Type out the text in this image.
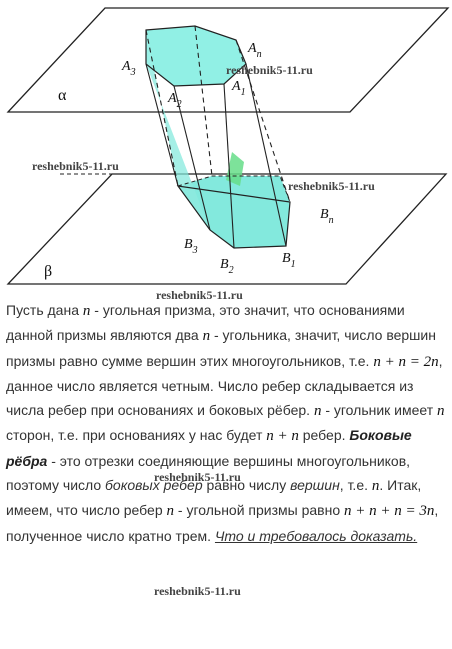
α
β
$A_3$
$A_2$
$A_1$
$A_n$
$B_3$
$B_2$
$B_1$
$B_n$
reshebnik5-11.ru
reshebnik5-11.ru
reshebnik5-11.ru
reshebnik5-11.ru
reshebnik5-11.ru
reshebnik5-11.ru
Пусть дана n - угольная призма, это значит, что основаниями данной призмы являются два n - угольника, значит, число вершин призмы равно сумме вершин этих многоугольников, т.е. n + n = 2n, данное число является четным. Число ребер складывается из числа ребер при основаниях и боковых рёбер. n - угольник имеет n сторон, т.е. при основаниях у нас будет n + n ребер. Боковые рёбра - это отрезки соединяющие вершины многоугольников, поэтому число боковых ребер равно числу вершин, т.е. n. Итак, имеем, что число ребер n - угольной призмы равно n + n + n = 3n, полученное число кратно трем. Что и требовалось доказать.
